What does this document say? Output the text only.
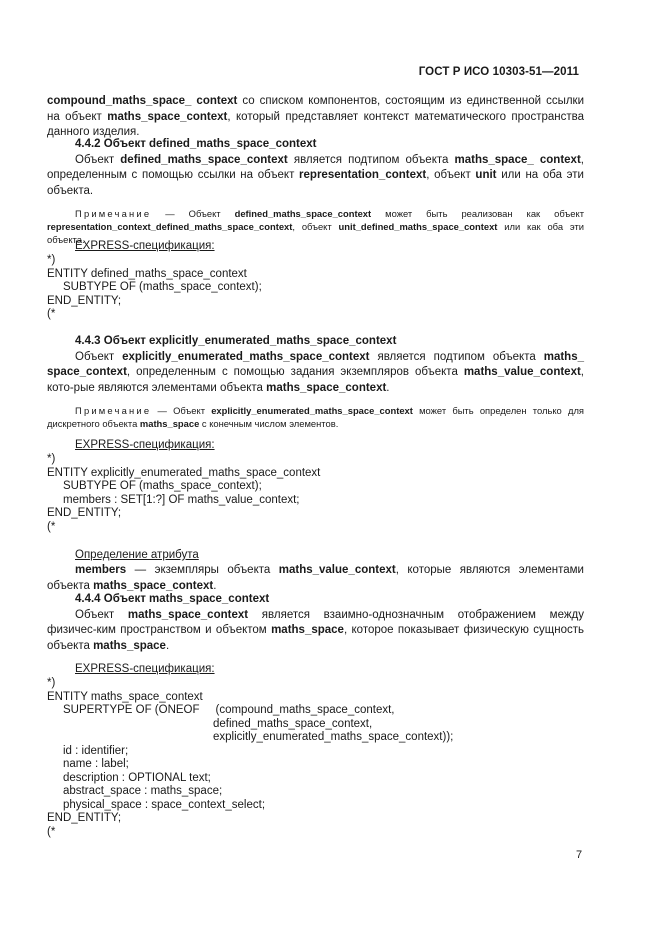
ГОСТ Р ИСО 10303-51—2011

compound_maths_space_ context со списком компонентов, состоящим из единственной ссылки на объект maths_space_context, который представляет контекст математического пространства данного изделия.

4.4.2 Объект defined_maths_space_context

Объект defined_maths_space_context является подтипом объекта maths_space_ context, определенным с помощью ссылки на объект representation_context, объект unit или на оба эти объекта.

Примечание — Объект defined_maths_space_context может быть реализован как объект representation_context_defined_maths_space_context, объект unit_defined_maths_space_context или как оба эти объекта.

EXPRESS-спецификация:

*)

ENTITY defined_maths_space_context

SUBTYPE OF (maths_space_context);

END_ENTITY;

(*

4.4.3 Объект explicitly_enumerated_maths_space_context

Объект explicitly_enumerated_maths_space_context является подтипом объекта maths_ space_context, определенным с помощью задания экземпляров объекта maths_value_context, кото-рые являются элементами объекта maths_space_context.

Примечание — Объект explicitly_enumerated_maths_space_context может быть определен только для дискретного объекта maths_space с конечным числом элементов.

EXPRESS-спецификация:

*)

ENTITY explicitly_enumerated_maths_space_context

SUBTYPE OF (maths_space_context);

members : SET[1:?] OF maths_value_context;

END_ENTITY;

(*

Определение атрибута

members — экземпляры объекта maths_value_context, которые являются элементами объекта maths_space_context.

4.4.4 Объект maths_space_context

Объект maths_space_context является взаимно-однозначным отображением между физичес-ким пространством и объектом maths_space, которое показывает физическую сущность объекта maths_space.

EXPRESS-спецификация:

*)

ENTITY maths_space_context

SUPERTYPE OF (ONEOF     (compound_maths_space_context,

defined_maths_space_context,

explicitly_enumerated_maths_space_context));

id : identifier;

name : label;

description : OPTIONAL text;

abstract_space : maths_space;

physical_space : space_context_select;

END_ENTITY;

(*

7
